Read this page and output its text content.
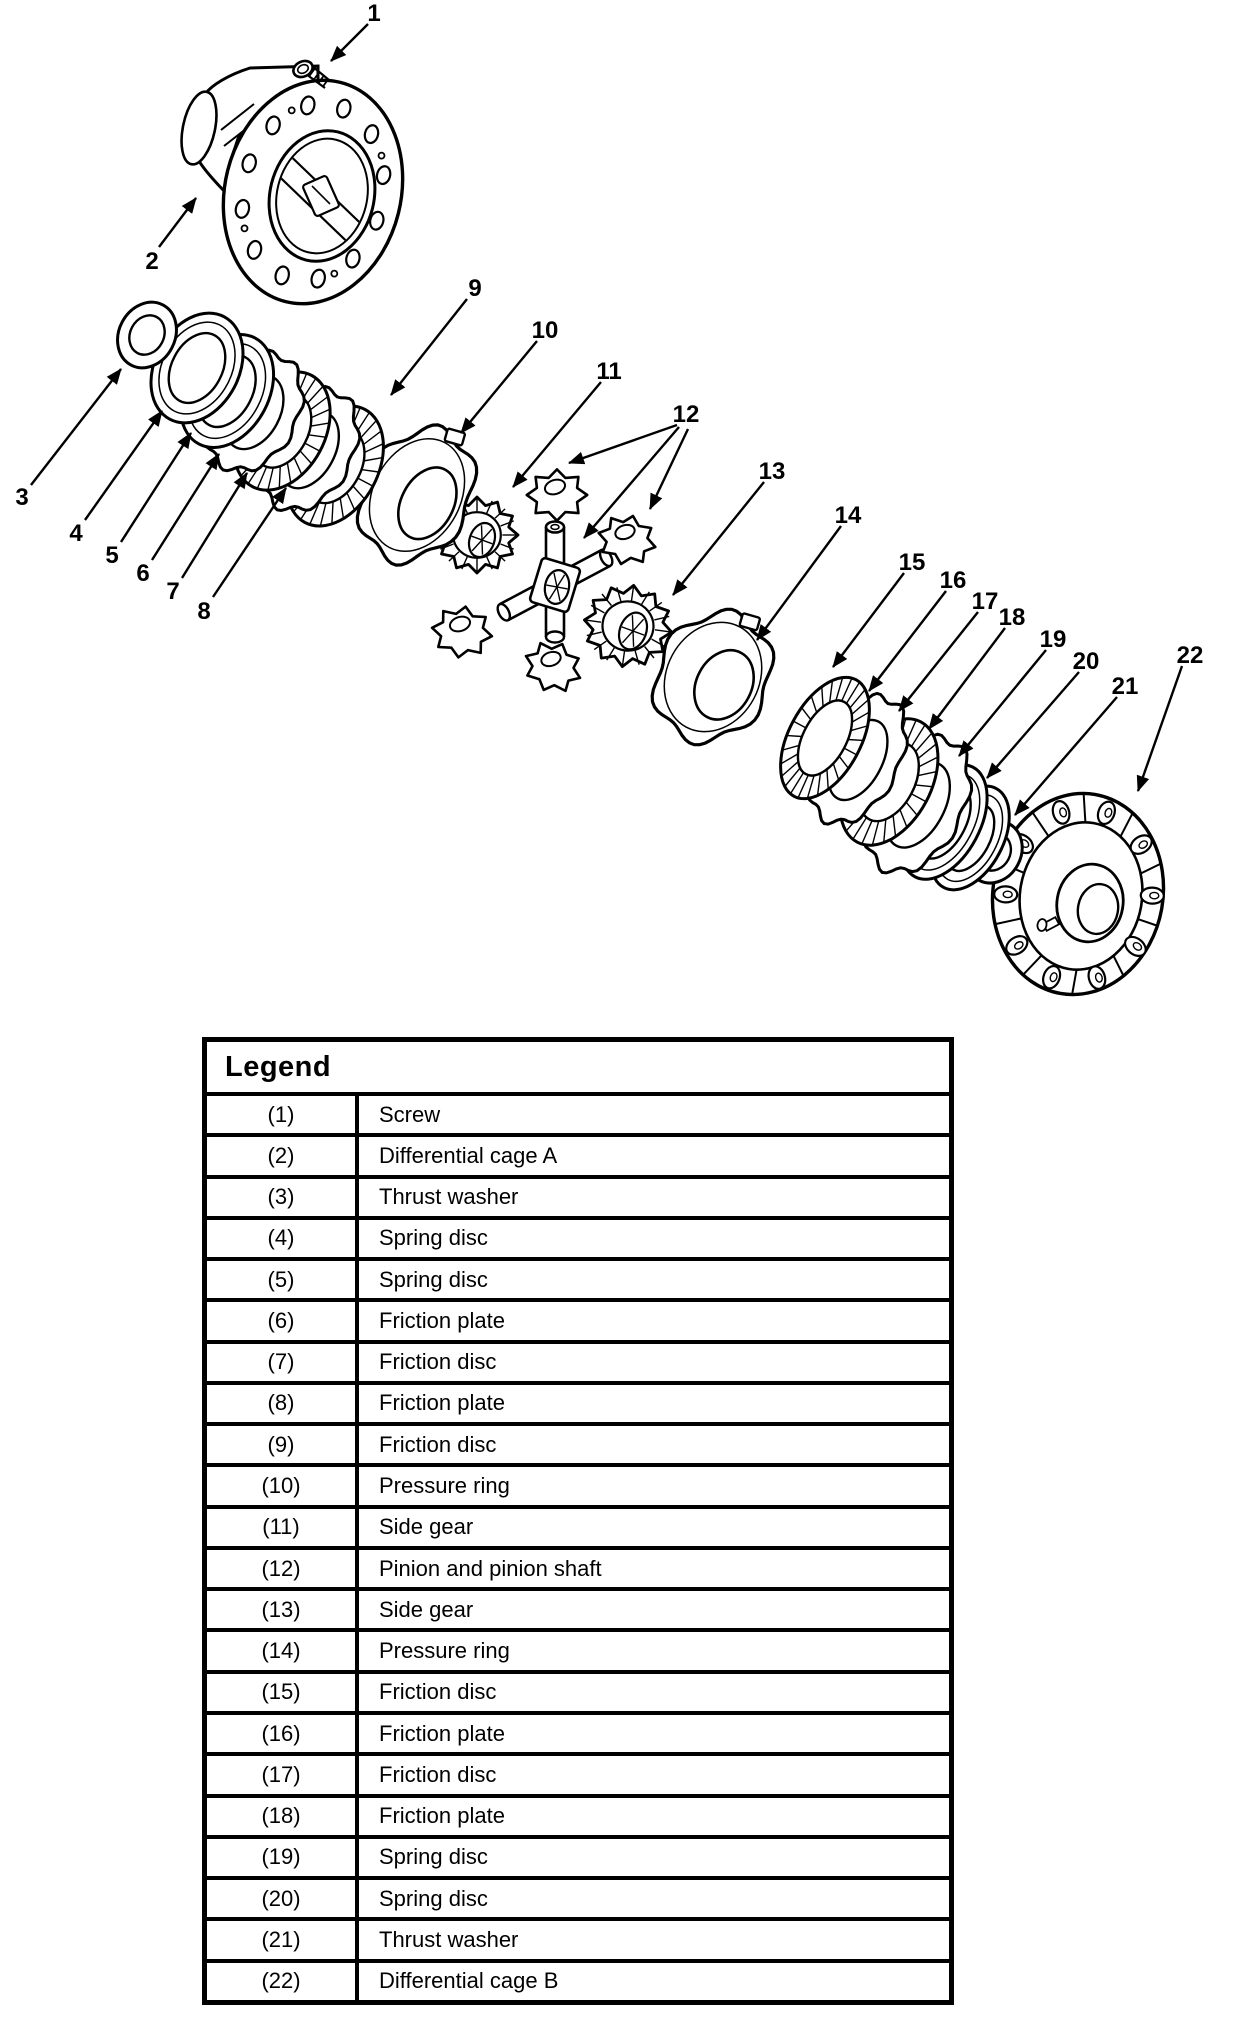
1
2
3
4
5
6
7
8
9
10
11
12
13
14
15
16
17
18
19
20
21
22
Legend
(1)	Screw
(2)	Differential cage A
(3)	Thrust washer
(4)	Spring disc
(5)	Spring disc
(6)	Friction plate
(7)	Friction disc
(8)	Friction plate
(9)	Friction disc
(10)	Pressure ring
(11)	Side gear
(12)	Pinion and pinion shaft
(13)	Side gear
(14)	Pressure ring
(15)	Friction disc
(16)	Friction plate
(17)	Friction disc
(18)	Friction plate
(19)	Spring disc
(20)	Spring disc
(21)	Thrust washer
(22)	Differential cage B
